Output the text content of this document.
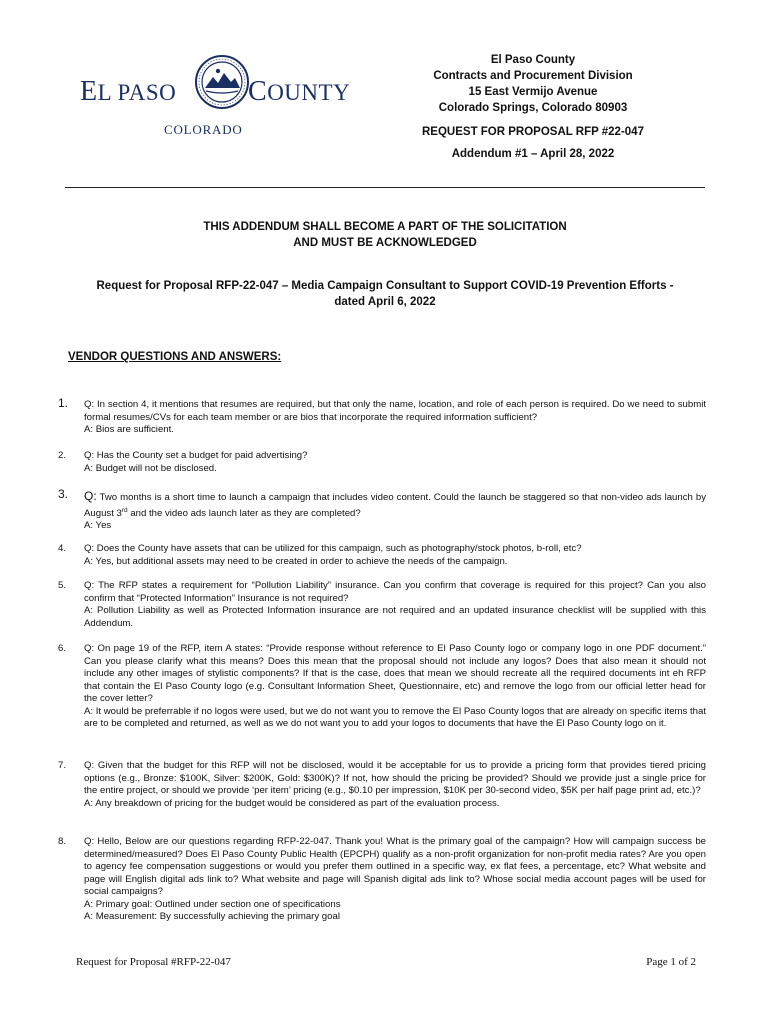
EL PASO	COUNTY
COLORADO
El Paso County
Contracts and Procurement Division
15 East Vermijo Avenue
Colorado Springs, Colorado 80903
REQUEST FOR PROPOSAL RFP #22-047
Addendum #1 – April 28, 2022
THIS ADDENDUM SHALL BECOME A PART OF THE SOLICITATION
AND MUST BE ACKNOWLEDGED
Request for Proposal RFP-22-047 – Media Campaign Consultant to Support COVID-19 Prevention Efforts -
dated April 6, 2022
VENDOR QUESTIONS AND ANSWERS:
1.	Q: In section 4, it mentions that resumes are required, but that only the name, location, and role of each person is required. Do we need to submit formal resumes/CVs for each team member or are bios that incorporate the required information sufficient?

A: Bios are sufficient.

2.	Q: Has the County set a budget for paid advertising?

A: Budget will not be disclosed.

3.	Q: Two months is a short time to launch a campaign that includes video content. Could the launch be staggered so that non-video ads launch by August 3rd and the video ads launch later as they are completed?

A: Yes

4.	Q: Does the County have assets that can be utilized for this campaign, such as photography/stock photos, b-roll, etc?

A: Yes, but additional assets may need to be created in order to achieve the needs of the campaign.

5.	Q: The RFP states a requirement for “Pollution Liability” insurance. Can you confirm that coverage is required for this project? Can you also confirm that “Protected Information” Insurance is not required?

A: Pollution Liability as well as Protected Information insurance are not required and an updated insurance checklist will be supplied with this Addendum.

6.	Q: On page 19 of the RFP, item A states: “Provide response without reference to El Paso County logo or company logo in one PDF document.” Can you please clarify what this means? Does this mean that the proposal should not include any logos? Does that also mean it should not include any other images of stylistic components? If that is the case, does that mean we should recreate all the required documents int eh RFP that contain the El Paso County logo (e.g. Consultant Information Sheet, Questionnaire, etc) and remove the logo from our official letter head for the cover letter?

A: It would be preferrable if no logos were used, but we do not want you to remove the El Paso County logos that are already on specific items that are to be completed and returned, as well as we do not want you to add your logos to documents that have the El Paso County logo on it.

7.	Q: Given that the budget for this RFP will not be disclosed, would it be acceptable for us to provide a pricing form that provides tiered pricing options (e.g., Bronze: $100K, Silver: $200K, Gold: $300K)? If not, how should the pricing be provided? Should we provide just a single price for the entire project, or should we provide ‘per item’ pricing (e.g., $0.10 per impression, $10K per 30-second video, $5K per half page print ad, etc.)?

A: Any breakdown of pricing for the budget would be considered as part of the evaluation process.

8.	Q: Hello, Below are our questions regarding RFP-22-047. Thank you! What is the primary goal of the campaign? How will campaign success be determined/measured? Does El Paso County Public Health (EPCPH) qualify as a non-profit organization for non-profit media rates? Are you open to agency fee compensation suggestions or would you prefer them outlined in a specific way, ex flat fees, a percentage, etc? What website and page will English digital ads link to? What website and page will Spanish digital ads link to? Whose social media account pages will be used for social campaigns?

A: Primary goal: Outlined under section one of specifications

A: Measurement: By successfully achieving the primary goal

Request for Proposal #RFP-22-047	Page 1 of 2
